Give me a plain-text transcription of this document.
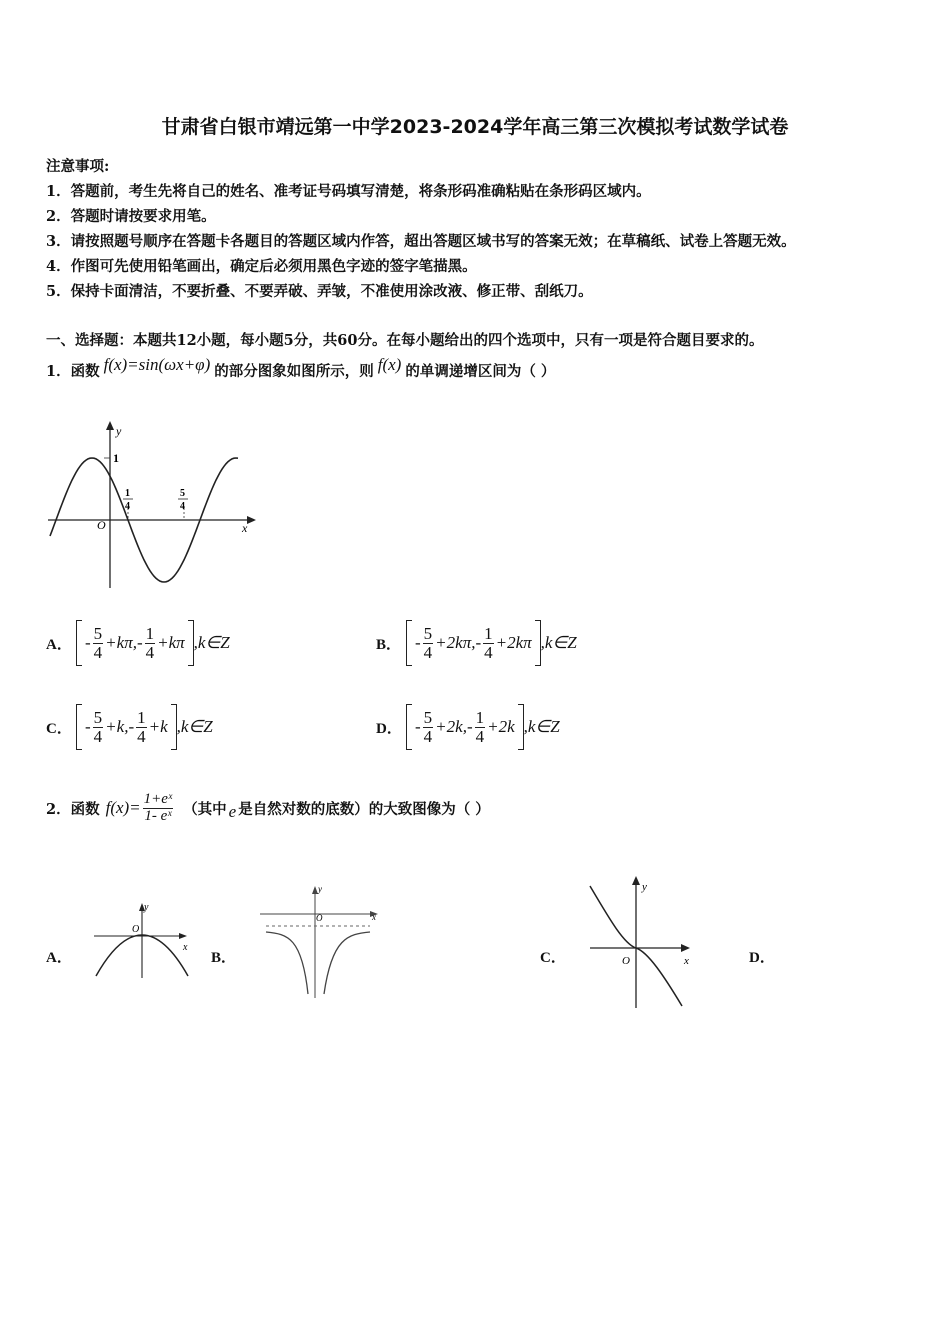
甘肃省白银市靖远第一中学2023-2024学年高三第三次模拟考试数学试卷
注意事项:
1．答题前，考生先将自己的姓名、准考证号码填写清楚，将条形码准确粘贴在条形码区域内。
2．答题时请按要求用笔。
3．请按照题号顺序在答题卡各题目的答题区域内作答，超出答题区域书写的答案无效；在草稿纸、试卷上答题无效。
4．作图可先使用铅笔画出，确定后必须用黑色字迹的签字笔描黑。
5．保持卡面清洁，不要折叠、不要弄破、弄皱，不准使用涂改液、修正带、刮纸刀。
一、选择题：本题共12小题，每小题5分，共60分。在每小题给出的四个选项中，只有一项是符合题目要求的。
1．函数 f(x)=sin(ωx+φ) 的部分图象如图所示，则 f(x) 的单调递增区间为（ ）
y
x
O
1
1
4
5
4
A． - $\frac{5}{4} +k\pi,- \frac{1}{4} +k\pi$ ,k∈Z	B． - $\frac{5}{4} +2k\pi,- \frac{1}{4} +2k\pi$ ,k∈Z
C． - $\frac{5}{4} +k,- \frac{1}{4} +k$ ,k∈Z	D． - $\frac{5}{4} +2k,- \frac{1}{4} +2k$ ,k∈Z
2．函数 $f(x)= \frac{\text{1+eˣ}}{\text{1- eˣ}}$ （其中 e 是自然对数的底数）的大致图像为（ ）
A．
y
x
O
B．
y
x
O
C．
y
x
O	D．
